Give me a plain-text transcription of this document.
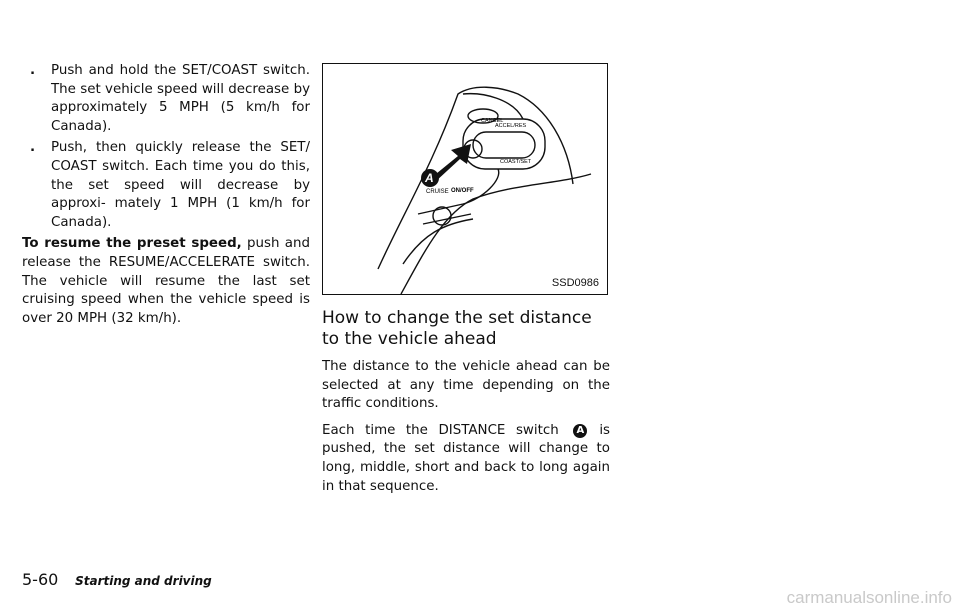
. Push and hold the SET/COAST switch. The set vehicle speed will decrease by approximately 5 MPH (5 km/h for Canada).
. Push, then quickly release the SET/ COAST switch. Each time you do this, the set speed will decrease by approxi- mately 1 MPH (1 km/h for Canada).
To resume the preset speed, push and release the RESUME/ACCELERATE switch. The vehicle will resume the last set cruising speed when the vehicle speed is over 20 MPH (32 km/h).
CANCEL
ACCEL/RES
COAST/SET
CRUISE ON/OFF
A
SSD0986
How to change the set distance to the vehicle ahead
The distance to the vehicle ahead can be selected at any time depending on the traffic conditions.
Each time the DISTANCE switch A is pushed, the set distance will change to long, middle, short and back to long again in that sequence.
5-60 Starting and driving
carmanualsonline.info
